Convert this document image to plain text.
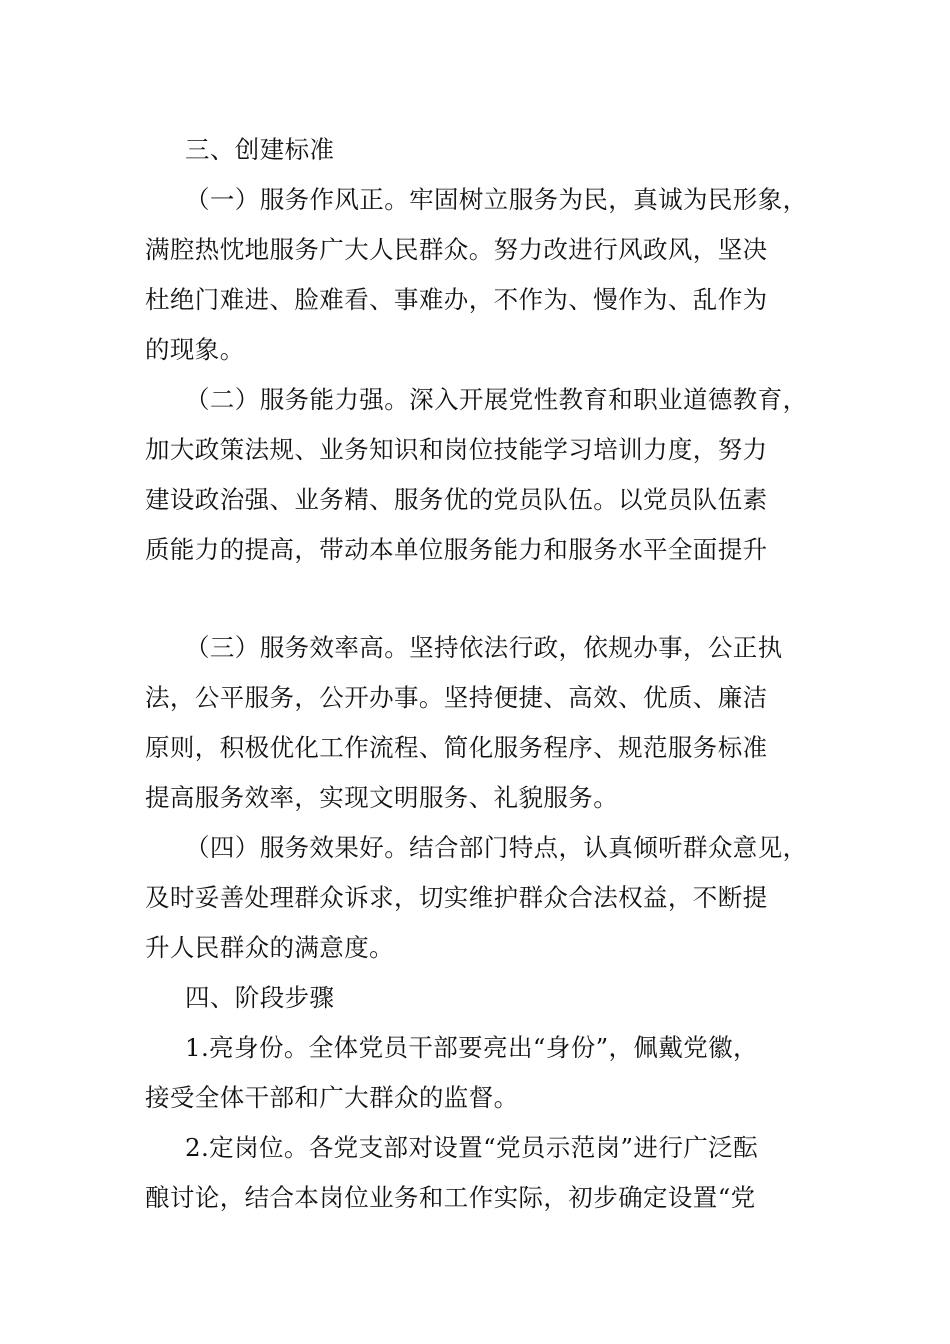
三、创建标准
（一）服务作风正。牢固树立服务为民，真诚为民形象，
满腔热忱地服务广大人民群众。努力改进行风政风，坚决
杜绝门难进、脸难看、事难办，不作为、慢作为、乱作为
的现象。
（二）服务能力强。深入开展党性教育和职业道德教育，
加大政策法规、业务知识和岗位技能学习培训力度，努力
建设政治强、业务精、服务优的党员队伍。以党员队伍素
质能力的提高，带动本单位服务能力和服务水平全面提升
（三）服务效率高。坚持依法行政，依规办事，公正执
法，公平服务，公开办事。坚持便捷、高效、优质、廉洁
原则，积极优化工作流程、简化服务程序、规范服务标准
提高服务效率，实现文明服务、礼貌服务。
（四）服务效果好。结合部门特点，认真倾听群众意见，
及时妥善处理群众诉求，切实维护群众合法权益，不断提
升人民群众的满意度。
四、阶段步骤
1.亮身份。全体党员干部要亮出“身份”，佩戴党徽，
接受全体干部和广大群众的监督。
2.定岗位。各党支部对设置“党员示范岗”进行广泛酝
酿讨论，结合本岗位业务和工作实际，初步确定设置“党
